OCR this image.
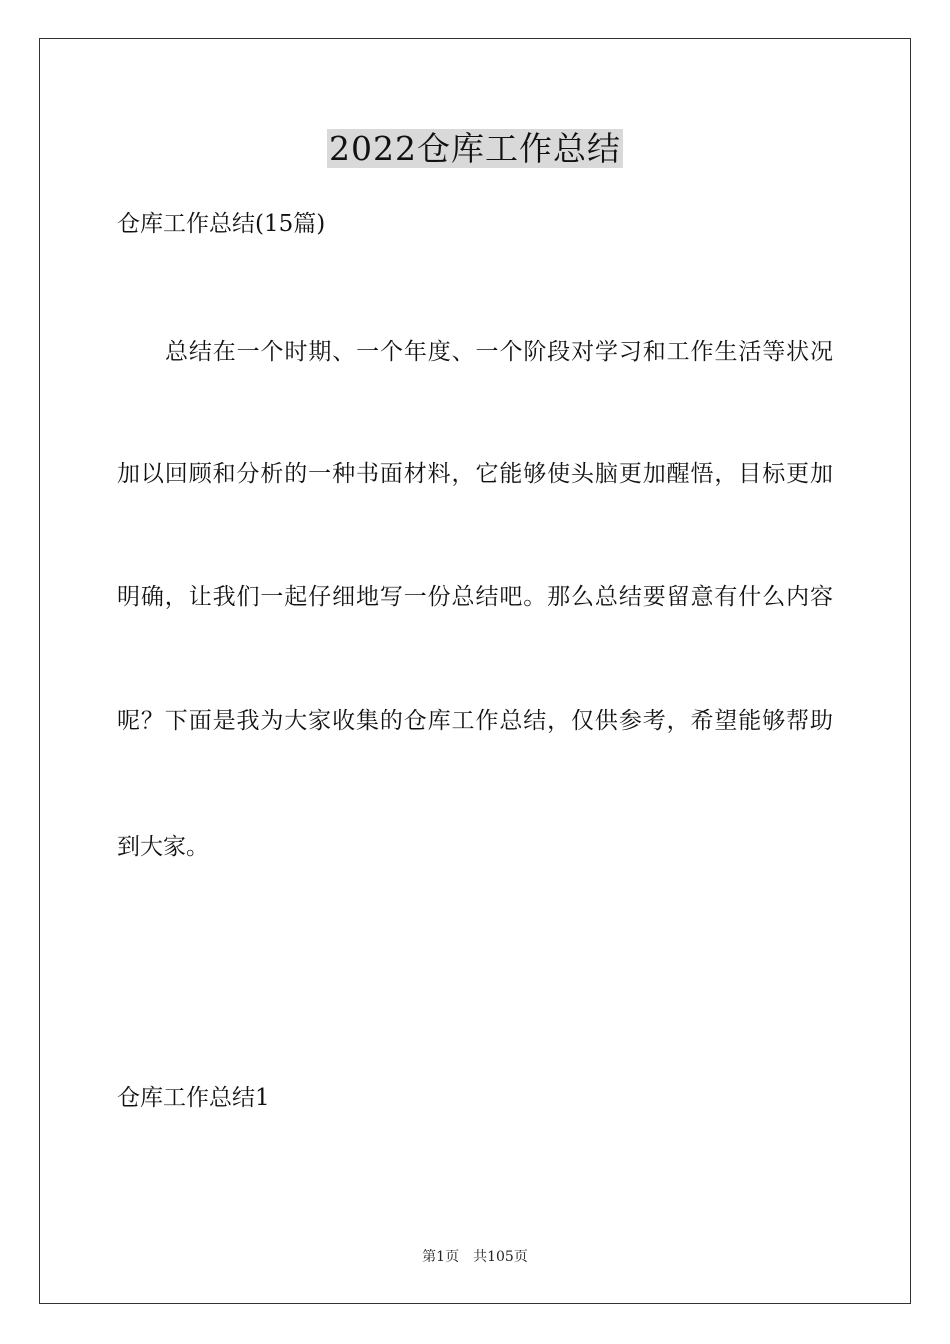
2022仓库工作总结
仓库工作总结(15篇)
总结在一个时期、一个年度、一个阶段对学习和工作生活等状况
加以回顾和分析的一种书面材料，它能够使头脑更加醒悟，目标更加
明确，让我们一起仔细地写一份总结吧。那么总结要留意有什么内容
呢？下面是我为大家收集的仓库工作总结，仅供参考，希望能够帮助
到大家。
仓库工作总结1
第1页 共105页
